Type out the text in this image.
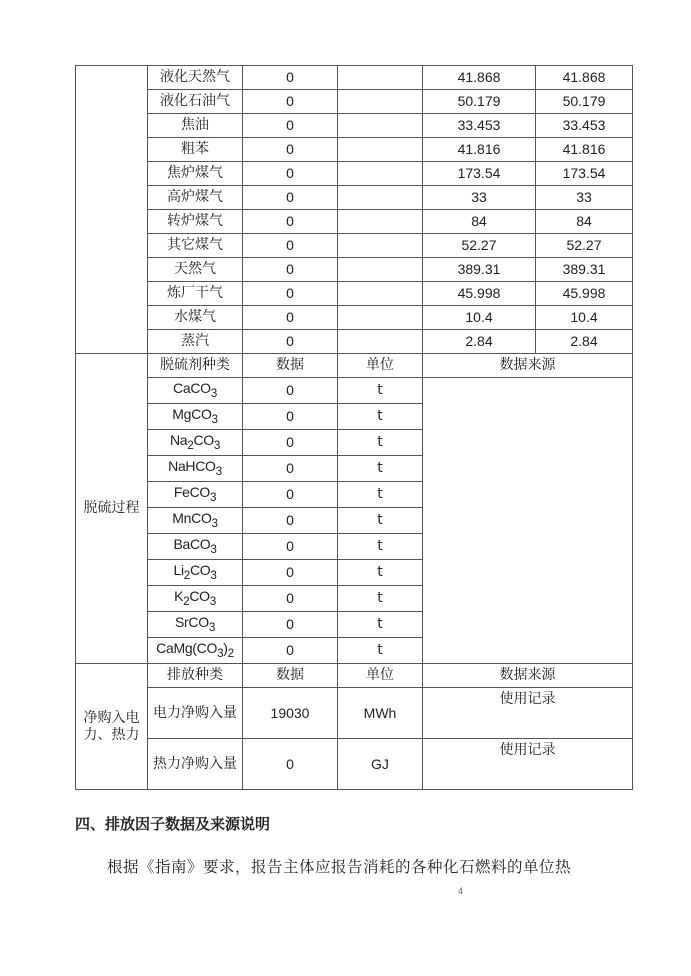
	液化天然气	0		41.868	41.868
	液化石油气	0		50.179	50.179
	焦油	0		33.453	33.453
	粗苯	0		41.816	41.816
	焦炉煤气	0		173.54	173.54
	高炉煤气	0		33	33
	转炉煤气	0		84	84
	其它煤气	0		52.27	52.27
	天然气	0		389.31	389.31
	炼厂干气	0		45.998	45.998
	水煤气	0		10.4	10.4
	蒸汽	0		2.84	2.84
脱硫过程	脱硫剂种类	数据	单位	数据来源	
	CaCO$_3$	0	t		
	MgCO$_3$	0	t		
	$Na_2CO_3$	0	t		
	NaHCO$_3$	0	t		
	FeCO$_3$	0	t		
	MnCO$_3$	0	t		
	BaCO$_3$	0	t		
	$Li_2CO_3$	0	t		
	$K_2CO_3$	0	t		
	SrCO$_3$	0	t		
	$CaMg(CO_3)_2$	0	t		
净购入电力、热力	排放种类	数据	单位	数据来源	
	电力净购入量	19030	MWh	使用记录	
	热力净购入量	0	GJ	使用记录	
四、排放因子数据及来源说明
根据《指南》要求，报告主体应报告消耗的各种化石燃料的单位热
4
